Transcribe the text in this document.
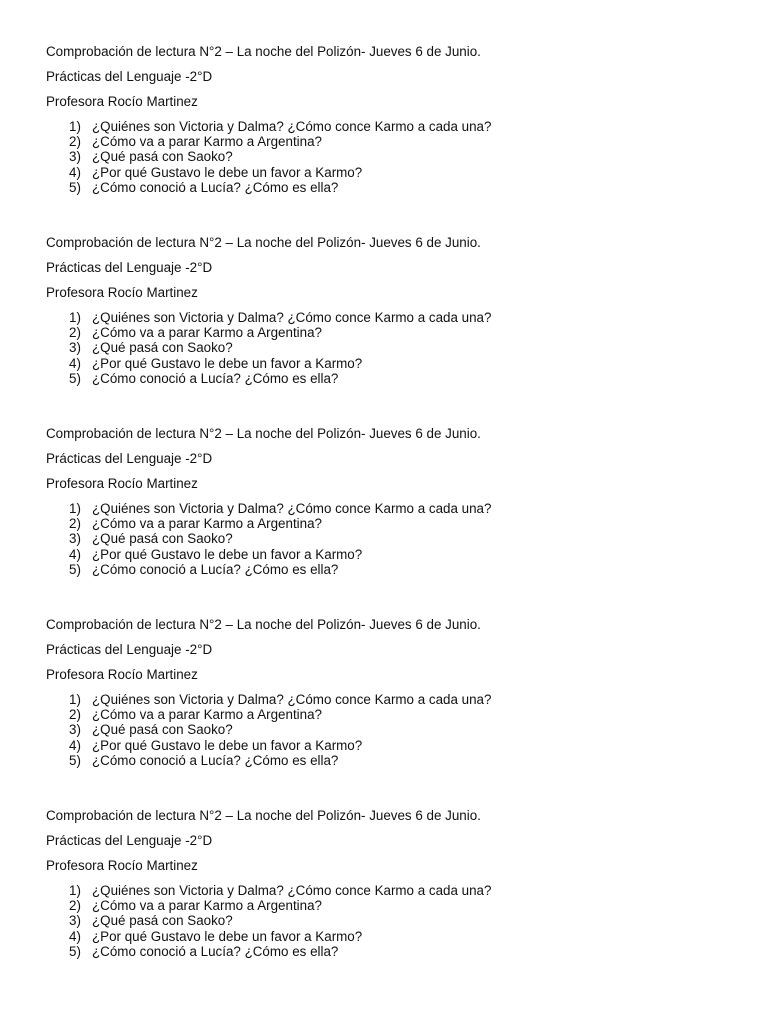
Comprobación de lectura N°2 – La noche del Polizón- Jueves 6 de Junio.
Prácticas del Lenguaje -2°D
Profesora Rocío Martinez
1) ¿Quiénes son Victoria y Dalma? ¿Cómo conce Karmo a cada una?
2) ¿Cómo va a parar Karmo a Argentina?
3) ¿Qué pasá con Saoko?
4) ¿Por qué Gustavo le debe un favor a Karmo?
5) ¿Cómo conoció a Lucía? ¿Cómo es ella?
Comprobación de lectura N°2 – La noche del Polizón- Jueves 6 de Junio.
Prácticas del Lenguaje -2°D
Profesora Rocío Martinez
1) ¿Quiénes son Victoria y Dalma? ¿Cómo conce Karmo a cada una?
2) ¿Cómo va a parar Karmo a Argentina?
3) ¿Qué pasá con Saoko?
4) ¿Por qué Gustavo le debe un favor a Karmo?
5) ¿Cómo conoció a Lucía? ¿Cómo es ella?
Comprobación de lectura N°2 – La noche del Polizón- Jueves 6 de Junio.
Prácticas del Lenguaje -2°D
Profesora Rocío Martinez
1) ¿Quiénes son Victoria y Dalma? ¿Cómo conce Karmo a cada una?
2) ¿Cómo va a parar Karmo a Argentina?
3) ¿Qué pasá con Saoko?
4) ¿Por qué Gustavo le debe un favor a Karmo?
5) ¿Cómo conoció a Lucía? ¿Cómo es ella?
Comprobación de lectura N°2 – La noche del Polizón- Jueves 6 de Junio.
Prácticas del Lenguaje -2°D
Profesora Rocío Martinez
1) ¿Quiénes son Victoria y Dalma? ¿Cómo conce Karmo a cada una?
2) ¿Cómo va a parar Karmo a Argentina?
3) ¿Qué pasá con Saoko?
4) ¿Por qué Gustavo le debe un favor a Karmo?
5) ¿Cómo conoció a Lucía? ¿Cómo es ella?
Comprobación de lectura N°2 – La noche del Polizón- Jueves 6 de Junio.
Prácticas del Lenguaje -2°D
Profesora Rocío Martinez
1) ¿Quiénes son Victoria y Dalma? ¿Cómo conce Karmo a cada una?
2) ¿Cómo va a parar Karmo a Argentina?
3) ¿Qué pasá con Saoko?
4) ¿Por qué Gustavo le debe un favor a Karmo?
5) ¿Cómo conoció a Lucía? ¿Cómo es ella?
